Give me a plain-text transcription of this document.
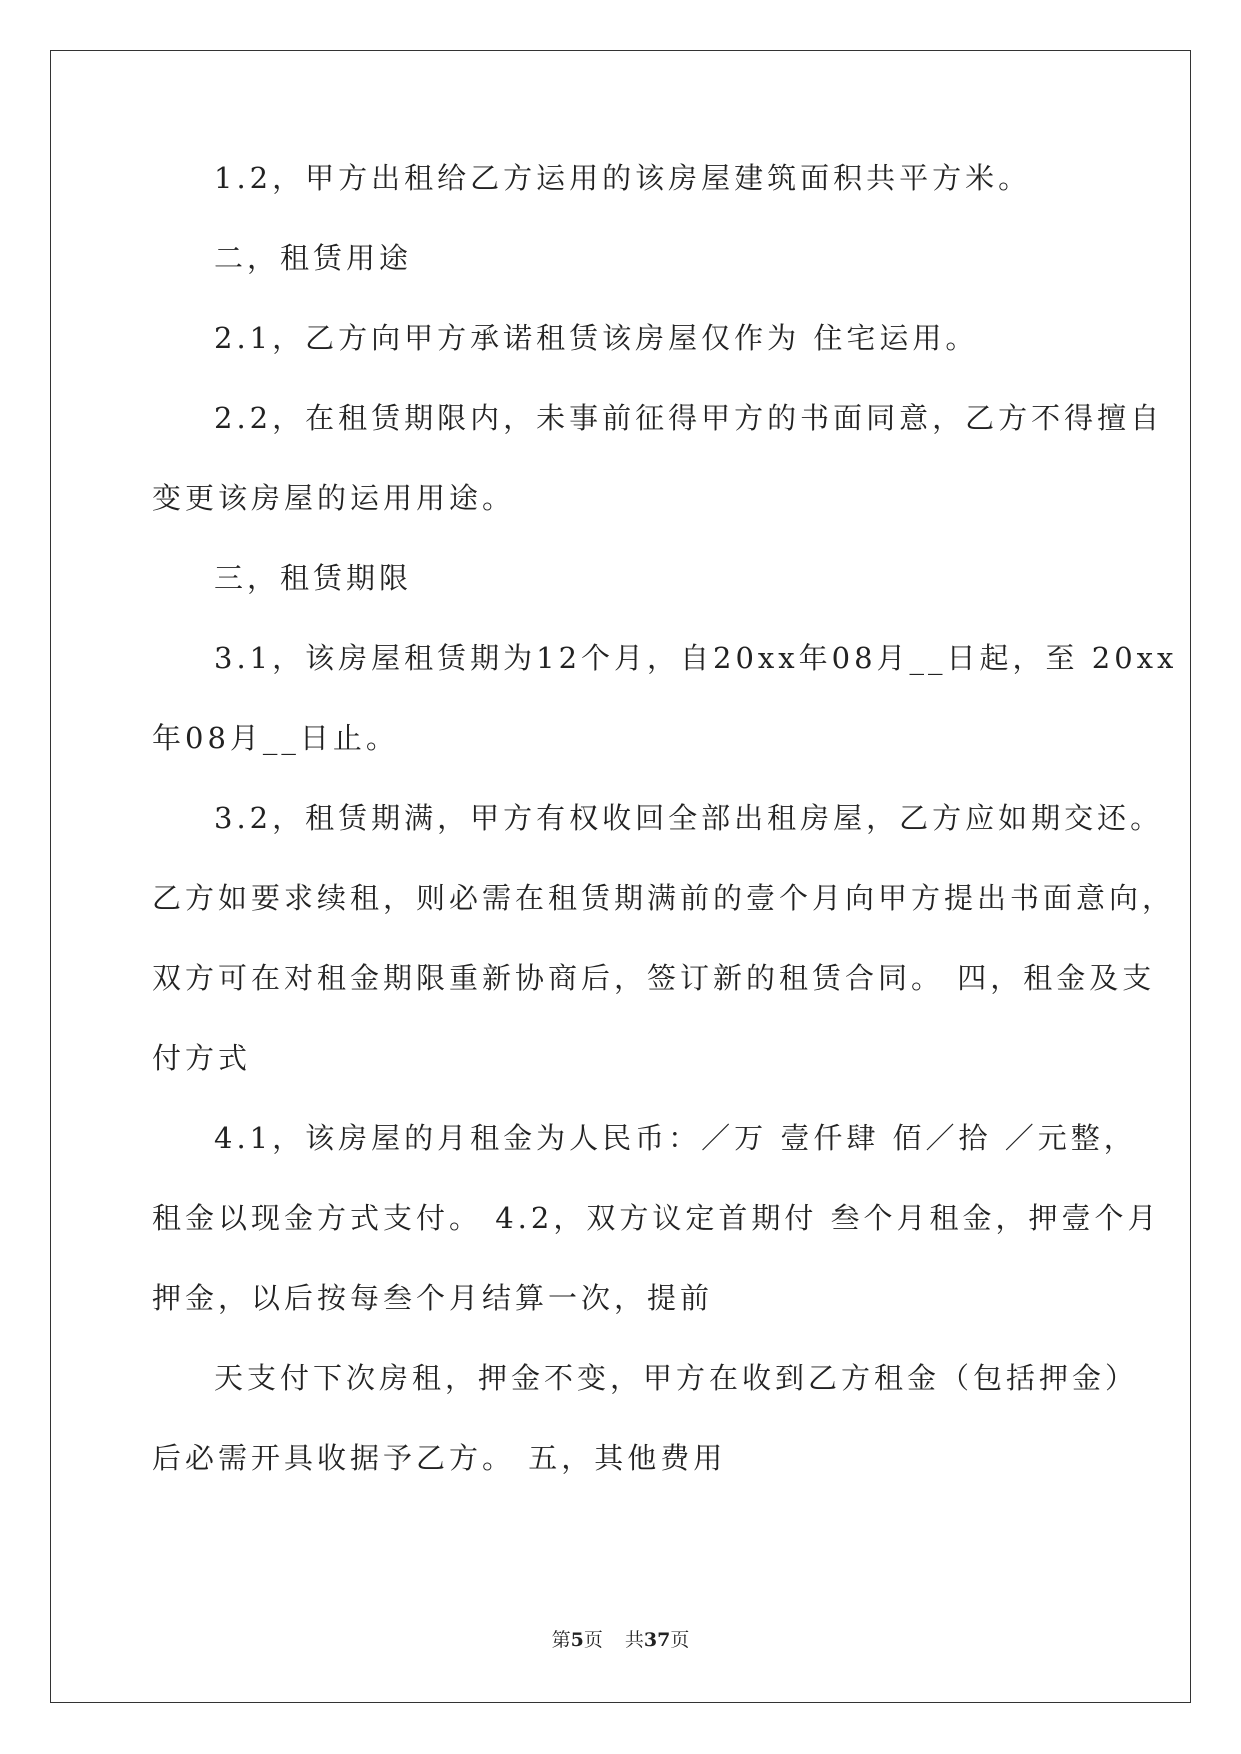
1.2，甲方出租给乙方运用的该房屋建筑面积共平方米。

二，租赁用途

2.1，乙方向甲方承诺租赁该房屋仅作为 住宅运用。

2.2，在租赁期限内，未事前征得甲方的书面同意，乙方不得擅自

变更该房屋的运用用途。

三，租赁期限

3.1，该房屋租赁期为12个月，自20xx年08月__日起，至 20xx

年08月__日止。

3.2，租赁期满，甲方有权收回全部出租房屋，乙方应如期交还。

乙方如要求续租，则必需在租赁期满前的壹个月向甲方提出书面意向，

双方可在对租金期限重新协商后，签订新的租赁合同。 四，租金及支

付方式

4.1，该房屋的月租金为人民币：／万 壹仟肆 佰／拾 ／元整，

租金以现金方式支付。 4.2，双方议定首期付 叁个月租金，押壹个月

押金，以后按每叁个月结算一次，提前

天支付下次房租，押金不变，甲方在收到乙方租金（包括押金）

后必需开具收据予乙方。 五，其他费用

第5页 共37页
